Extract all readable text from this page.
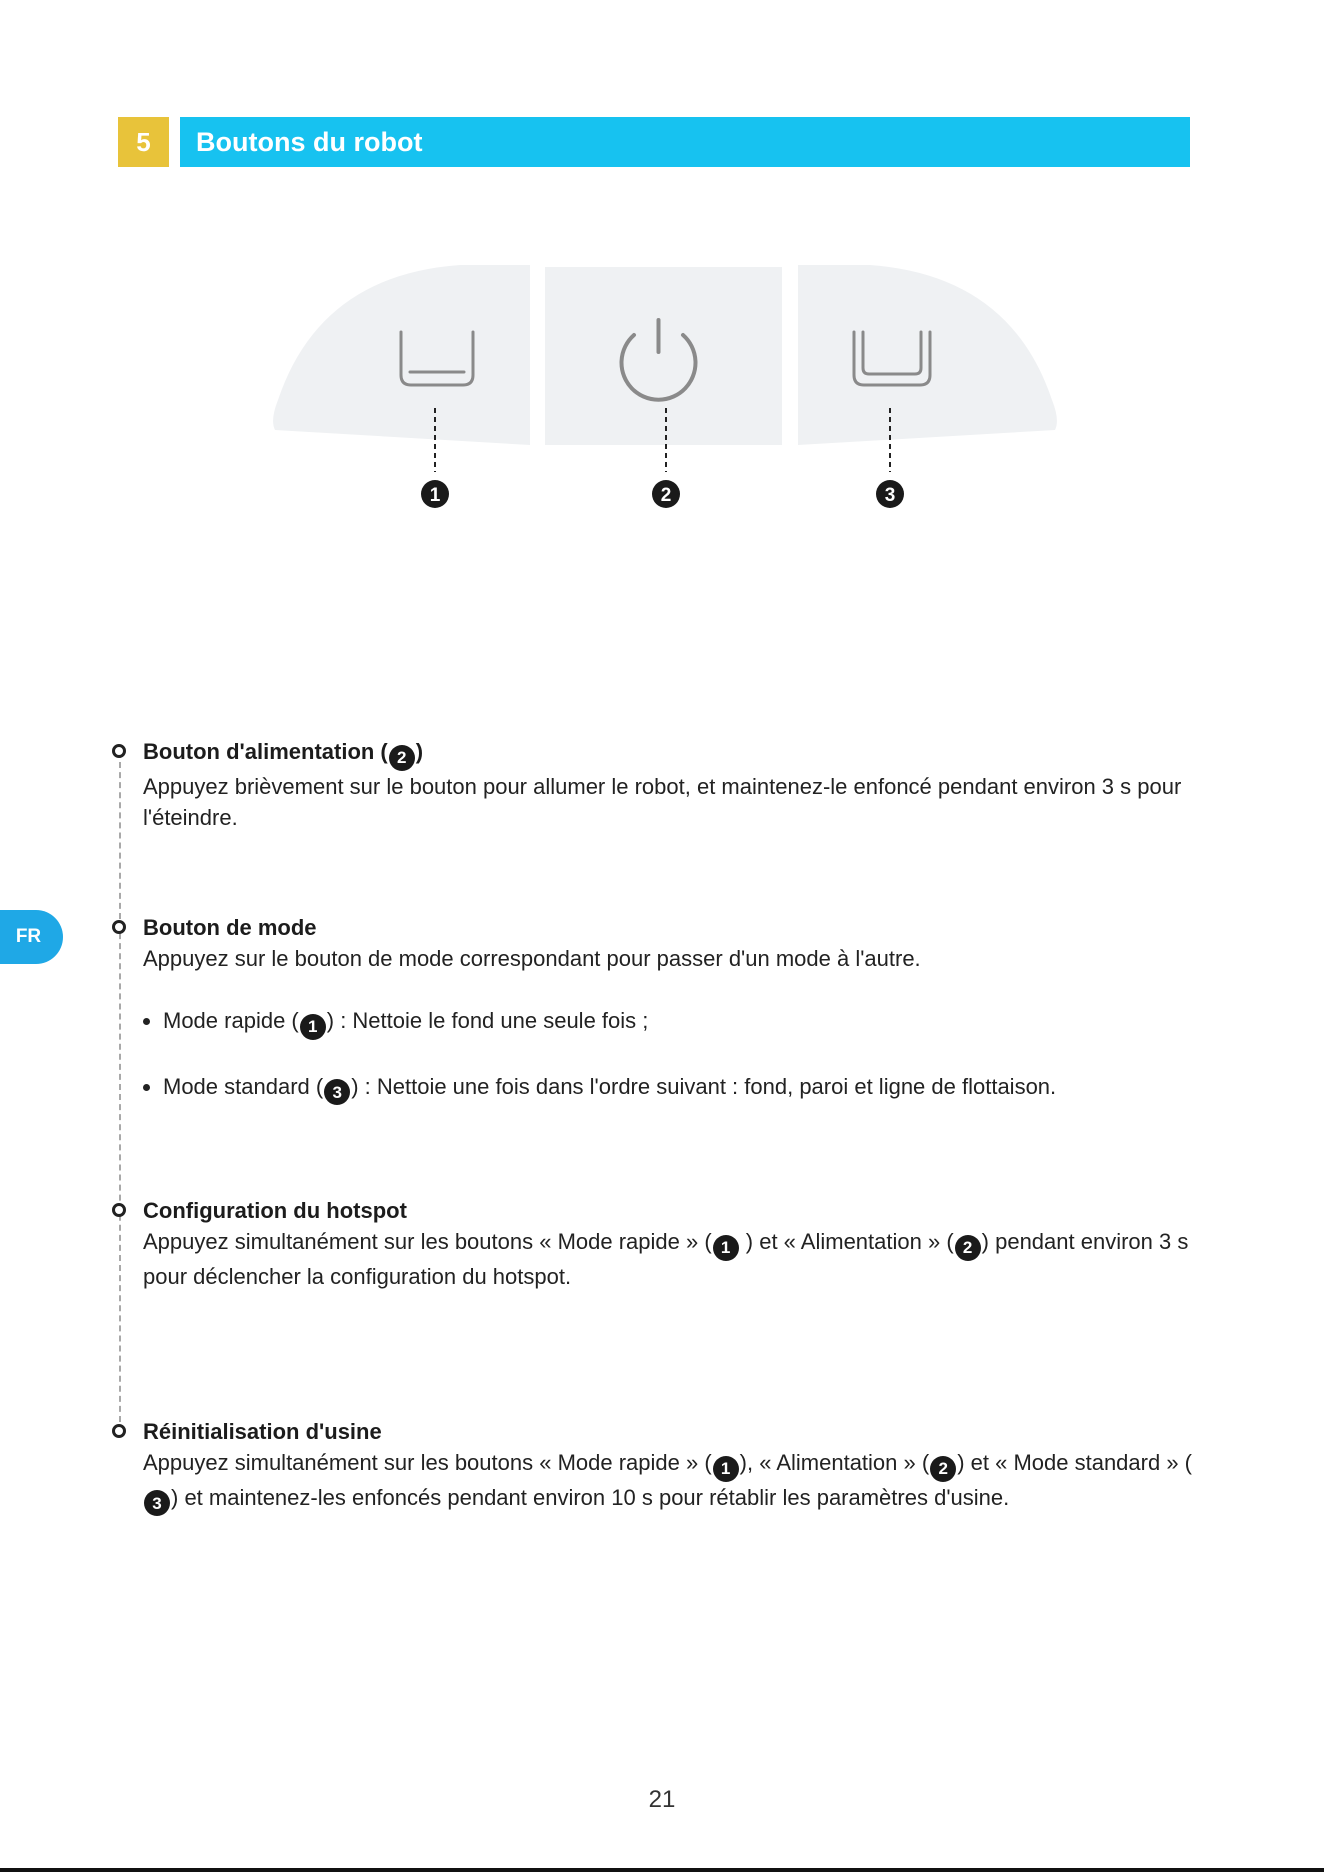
5	Boutons du robot
FR
1	2	3
Bouton d'alimentation ( 2 )

Appuyez brièvement sur le bouton pour allumer le robot, et maintenez-le enfoncé pendant environ 3 s pour l'éteindre.

Bouton de mode

Appuyez sur le bouton de mode correspondant pour passer d'un mode à l'autre.

Mode rapide ( 1 ) : Nettoie le fond une seule fois ;
Mode standard ( 3 ) : Nettoie une fois dans l'ordre suivant : fond, paroi et ligne de flottaison.
Configuration du hotspot

Appuyez simultanément sur les boutons « Mode rapide » ( 1 ) et « Alimentation » ( 2 ) pendant environ 3 s pour déclencher la configuration du hotspot.

Réinitialisation d'usine

Appuyez simultanément sur les boutons « Mode rapide » ( 1 ), « Alimentation » ( 2 ) et « Mode standard » (3 ) et maintenez-les enfoncés pendant environ 10 s pour rétablir les paramètres d'usine.

21
